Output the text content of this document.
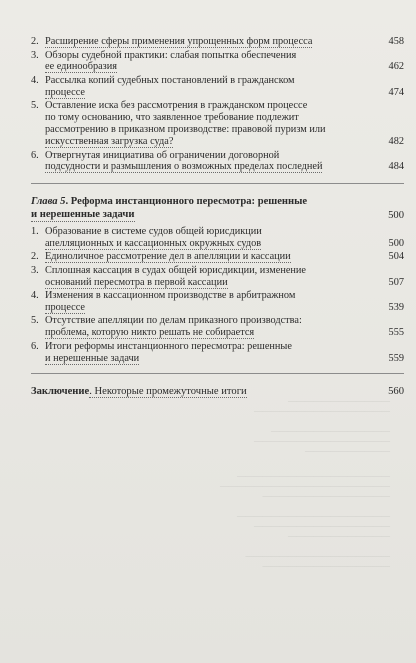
————————————
————————————————

——————————————
————————————————
——————————
——————————————————
————————————————————
———————————————

——————————————————
————————————————
————————————

—————————————————
———————————————
2. Расширение сферы применения упрощенных форм процесса	458
3. Обзоры судебной практики: слабая попытка обеспечения
ее единообразия	462
4. Рассылка копий судебных постановлений в гражданском
процессе	474
5. Оставление иска без рассмотрения в гражданском процессе
по тому основанию, что заявленное требование подлежит
рассмотрению в приказном производстве: правовой пуризм или
искусственная загрузка суда?	482
6. Отвергнутая инициатива об ограничении договорной
подсудности и размышления о возможных пределах последней	484
Глава 5. Реформа инстанционного пересмотра: решенные
и нерешенные задачи	500
1. Образование в системе судов общей юрисдикции
апелляционных и кассационных окружных судов	500
2. Единоличное рассмотрение дел в апелляции и кассации	504
3. Сплошная кассация в судах общей юрисдикции, изменение
оснований пересмотра в первой кассации	507
4. Изменения в кассационном производстве в арбитражном
процессе	539
5. Отсутствие апелляции по делам приказного производства:
проблема, которую никто решать не собирается	555
6. Итоги реформы инстанционного пересмотра: решенные
и нерешенные задачи	559
Заключение. Некоторые промежуточные итоги	560
